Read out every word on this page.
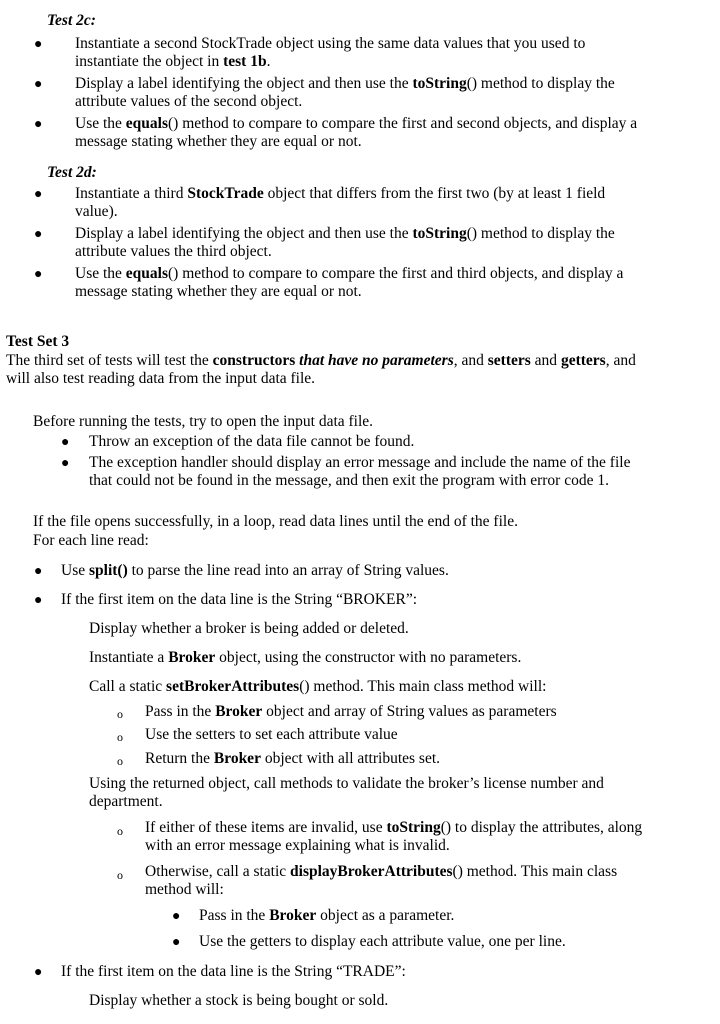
Test 2c:

● Instantiate a second StockTrade object using the same data values that you used to

instantiate the object in test 1b.

● Display a label identifying the object and then use the toString() method to display the

attribute values of the second object.

● Use the equals() method to compare to compare the first and second objects, and display a

message stating whether they are equal or not.

Test 2d:

● Instantiate a third StockTrade object that differs from the first two (by at least 1 field

value).

● Display a label identifying the object and then use the toString() method to display the

attribute values the third object.

● Use the equals() method to compare to compare the first and third objects, and display a

message stating whether they are equal or not.

Test Set 3

The third set of tests will test the constructors that have no parameters, and setters and getters, and

will also test reading data from the input data file.

Before running the tests, try to open the input data file.

● Throw an exception of the data file cannot be found.

● The exception handler should display an error message and include the name of the file

that could not be found in the message, and then exit the program with error code 1.

If the file opens successfully, in a loop, read data lines until the end of the file.

For each line read:

● Use split() to parse the line read into an array of String values.

● If the first item on the data line is the String “BROKER”:

Display whether a broker is being added or deleted.

Instantiate a Broker object, using the constructor with no parameters.

Call a static setBrokerAttributes() method. This main class method will:

o Pass in the Broker object and array of String values as parameters

o Use the setters to set each attribute value

o Return the Broker object with all attributes set.

Using the returned object, call methods to validate the broker’s license number and

department.

o If either of these items are invalid, use toString() to display the attributes, along

with an error message explaining what is invalid.

o Otherwise, call a static displayBrokerAttributes() method. This main class

method will:

● Pass in the Broker object as a parameter.

● Use the getters to display each attribute value, one per line.

● If the first item on the data line is the String “TRADE”:

Display whether a stock is being bought or sold.
